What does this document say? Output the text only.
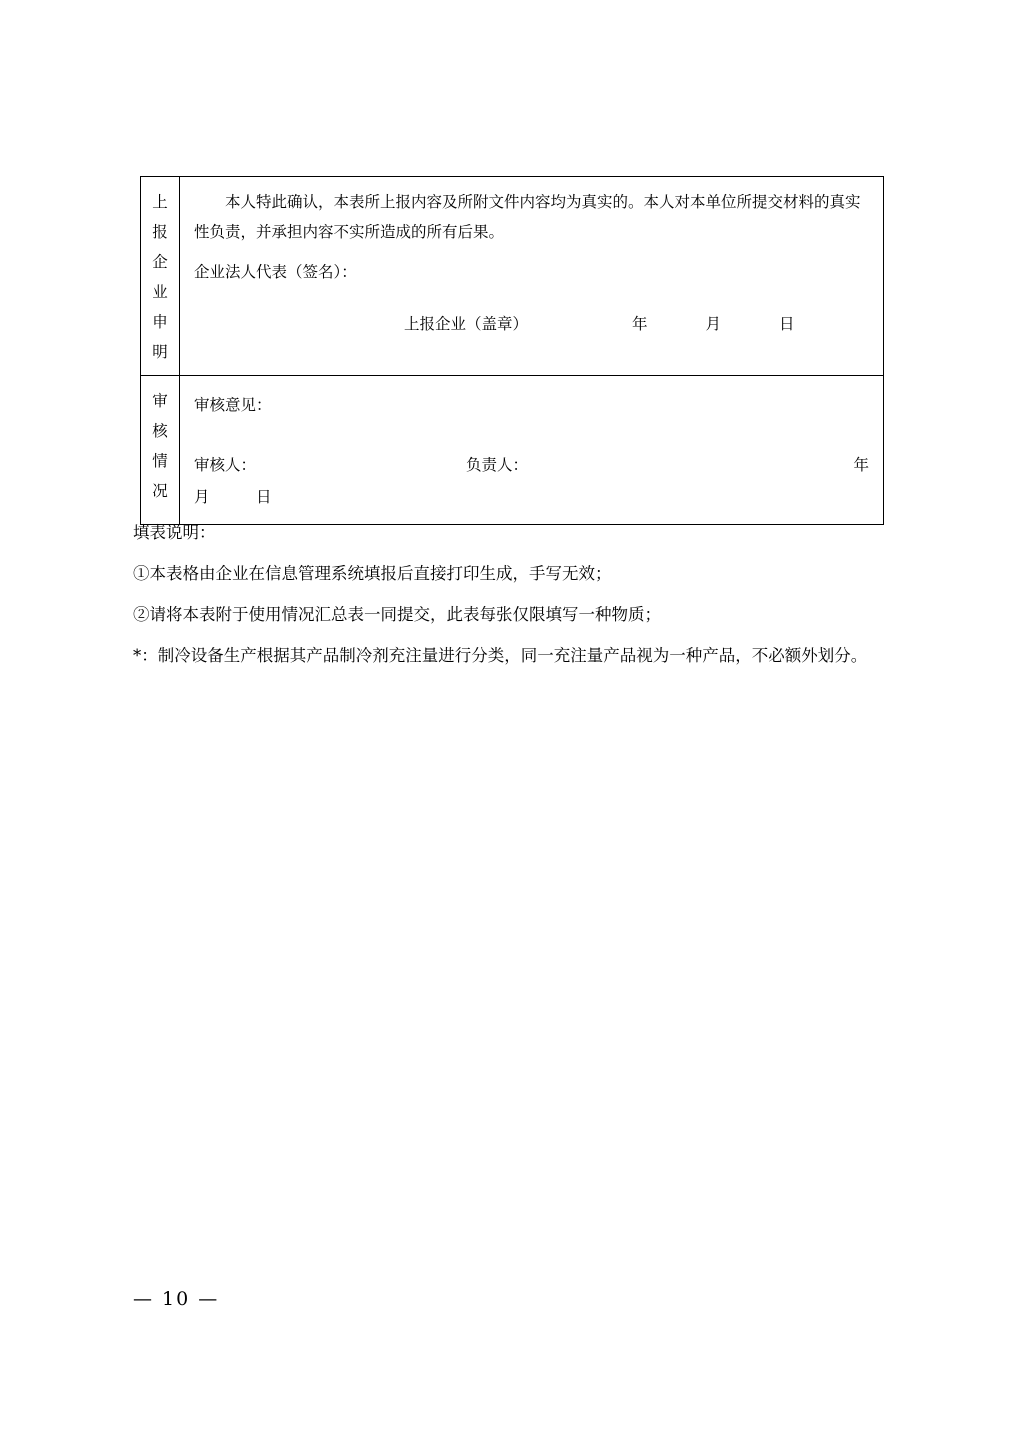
上
报
企
业
申
明

本人特此确认，本表所上报内容及所附文件内容均为真实的。本人对本单位所提交材料的真实性负责，并承担内容不实所造成的所有后果。

企业法人代表（签名）：

上报企业（盖章）	年	月	日

审
核
情
况

审核意见：

审核人：	负责人：	年
月	日

填表说明：

①本表格由企业在信息管理系统填报后直接打印生成，手写无效；

②请将本表附于使用情况汇总表一同提交，此表每张仅限填写一种物质；

*：制冷设备生产根据其产品制冷剂充注量进行分类，同一充注量产品视为一种产品，不必额外划分。

— 10 —
